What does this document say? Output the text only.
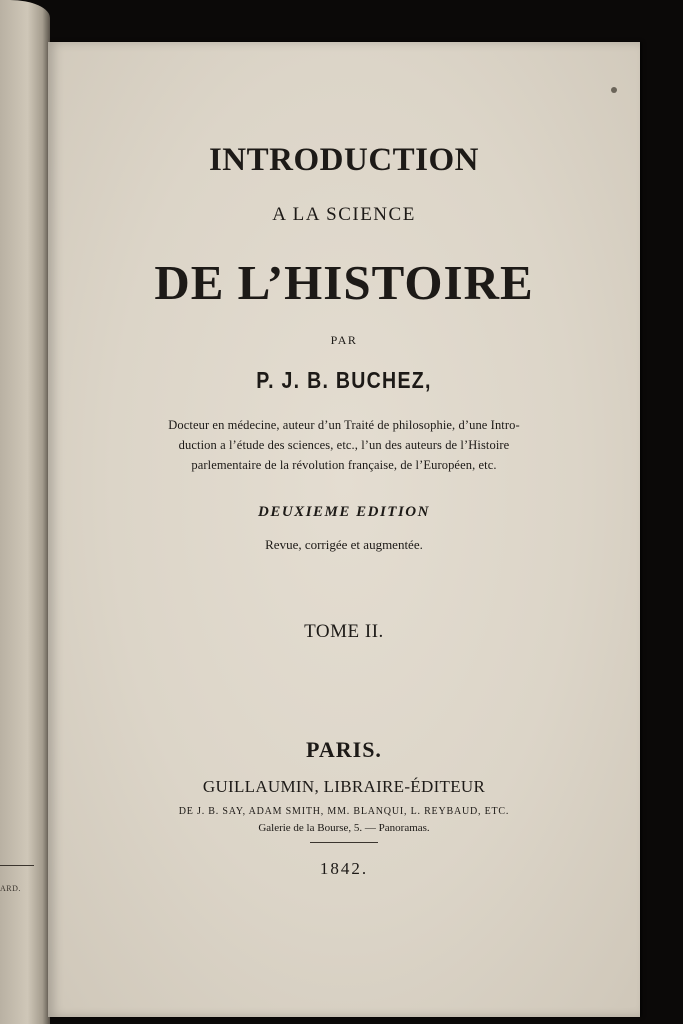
ARD.
INTRODUCTION
A LA SCIENCE
DE L’HISTOIRE
PAR
P. J. B. BUCHEZ,
Docteur en médecine, auteur d’un Traité de philosophie, d’une Intro-
duction a l’étude des sciences, etc., l’un des auteurs de l’Histoire
parlementaire de la révolution française, de l’Européen, etc.
DEUXIEME EDITION
Revue, corrigée et augmentée.
TOME II.
PARIS.
GUILLAUMIN, LIBRAIRE-ÉDITEUR
DE J. B. SAY, ADAM SMITH, MM. BLANQUI, L. REYBAUD, ETC.
Galerie de la Bourse, 5. — Panoramas.
1842.
